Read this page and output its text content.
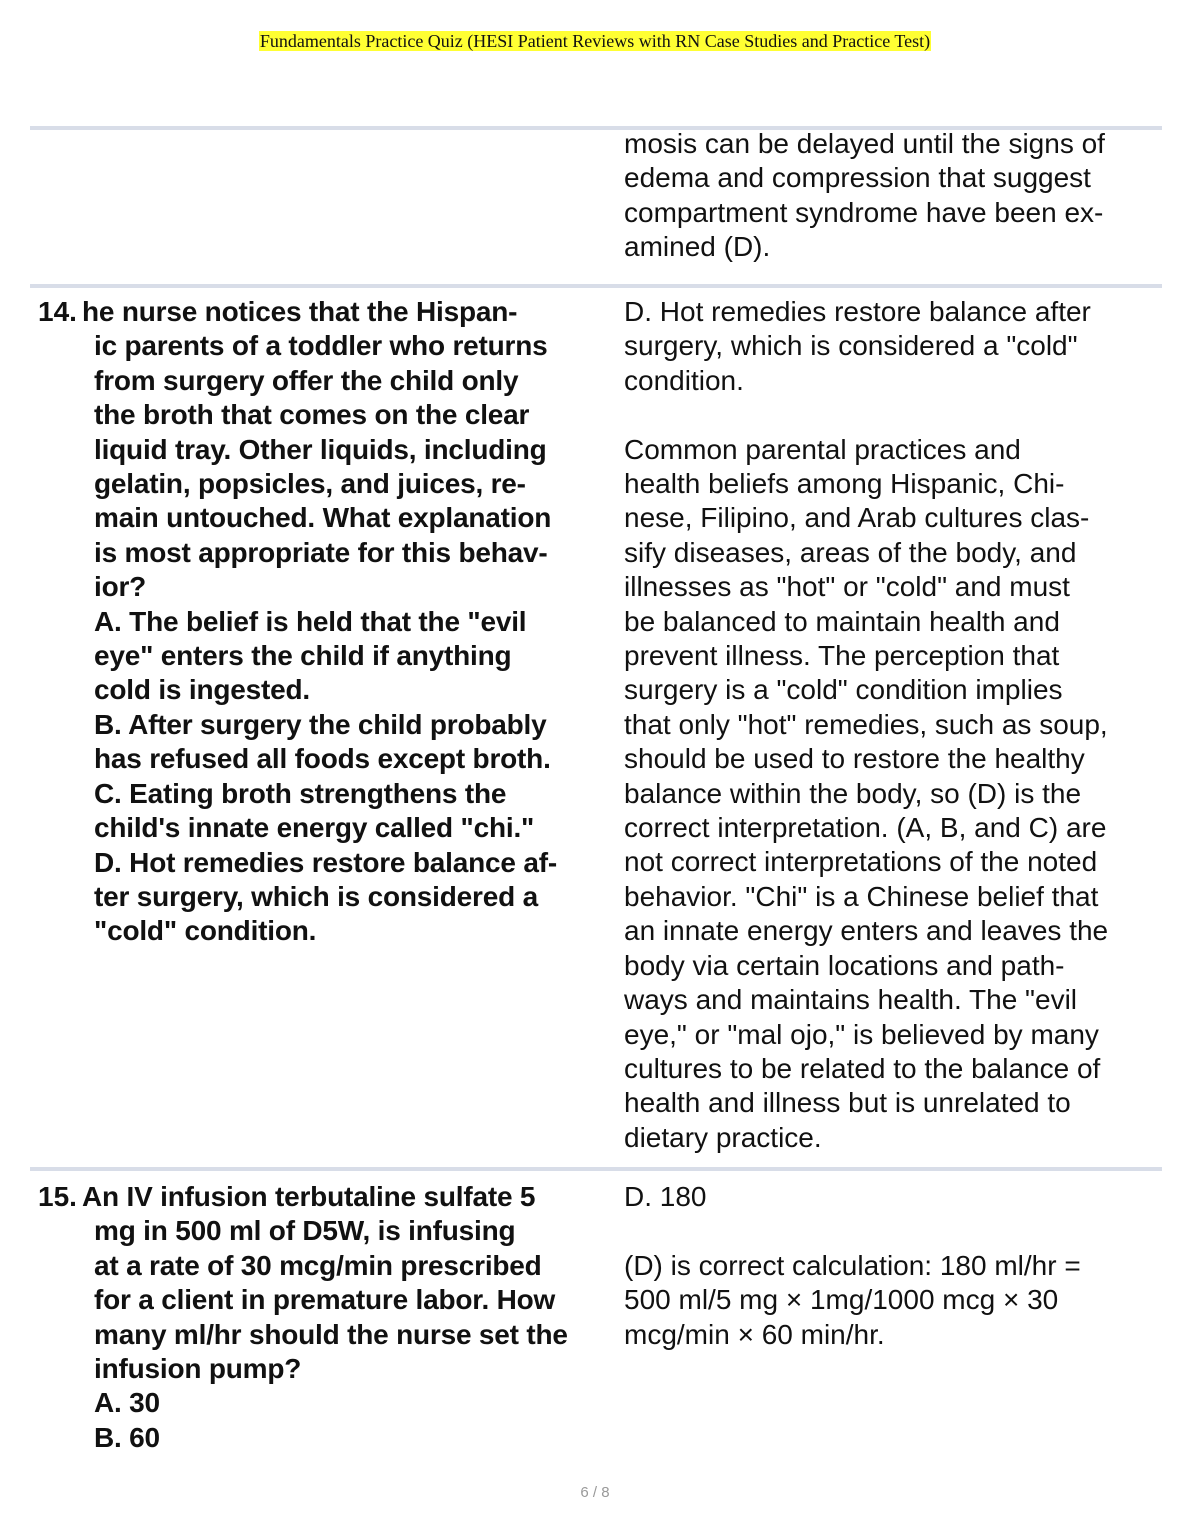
Fundamentals Practice Quiz (HESI Patient Reviews with RN Case Studies and Practice Test)
mosis can be delayed until the signs of
edema and compression that suggest
compartment syndrome have been ex-
amined (D).
14. he nurse notices that the Hispan-
ic parents of a toddler who returns
from surgery offer the child only
the broth that comes on the clear
liquid tray. Other liquids, including
gelatin, popsicles, and juices, re-
main untouched. What explanation
is most appropriate for this behav-
ior?
A. The belief is held that the "evil
eye" enters the child if anything
cold is ingested.
B. After surgery the child probably
has refused all foods except broth.
C. Eating broth strengthens the
child's innate energy called "chi."
D. Hot remedies restore balance af-
ter surgery, which is considered a
"cold" condition.
D. Hot remedies restore balance after
surgery, which is considered a "cold"
condition.
Common parental practices and
health beliefs among Hispanic, Chi-
nese, Filipino, and Arab cultures clas-
sify diseases, areas of the body, and
illnesses as "hot" or "cold" and must
be balanced to maintain health and
prevent illness. The perception that
surgery is a "cold" condition implies
that only "hot" remedies, such as soup,
should be used to restore the healthy
balance within the body, so (D) is the
correct interpretation. (A, B, and C) are
not correct interpretations of the noted
behavior. "Chi" is a Chinese belief that
an innate energy enters and leaves the
body via certain locations and path-
ways and maintains health. The "evil
eye," or "mal ojo," is believed by many
cultures to be related to the balance of
health and illness but is unrelated to
dietary practice.
15. An IV infusion terbutaline sulfate 5
mg in 500 ml of D5W, is infusing
at a rate of 30 mcg/min prescribed
for a client in premature labor. How
many ml/hr should the nurse set the
infusion pump?
A. 30
B. 60
D. 180
(D) is correct calculation: 180 ml/hr =
500 ml/5 mg × 1mg/1000 mcg × 30
mcg/min × 60 min/hr.
6 / 8
